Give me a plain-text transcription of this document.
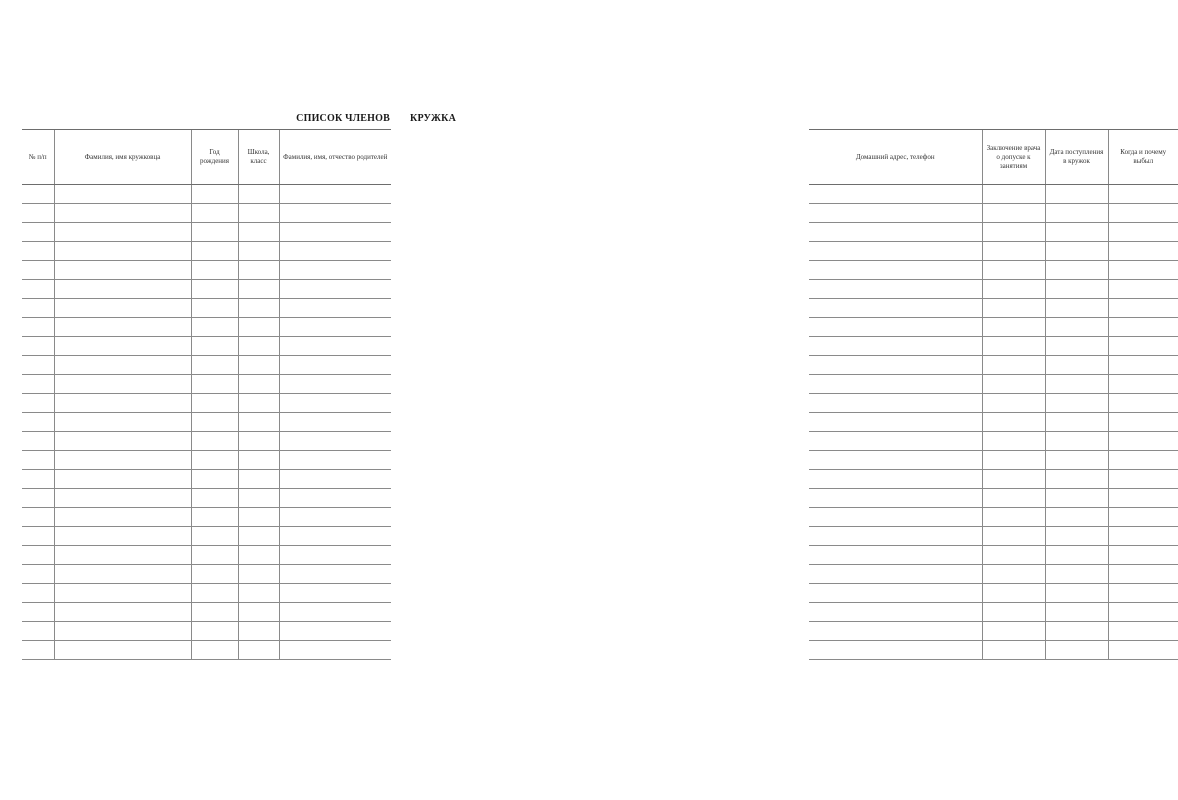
СПИСОК ЧЛЕНОВ
№ п/п	Фамилия, имя кружковца	Год рождения	Школа, класс	Фамилия, имя, отчество родителей

КРУЖКА
Домашний адрес, телефон	Заключение врача о допуске к занятиям	Дата поступления в кружок	Когда и почему выбыл
